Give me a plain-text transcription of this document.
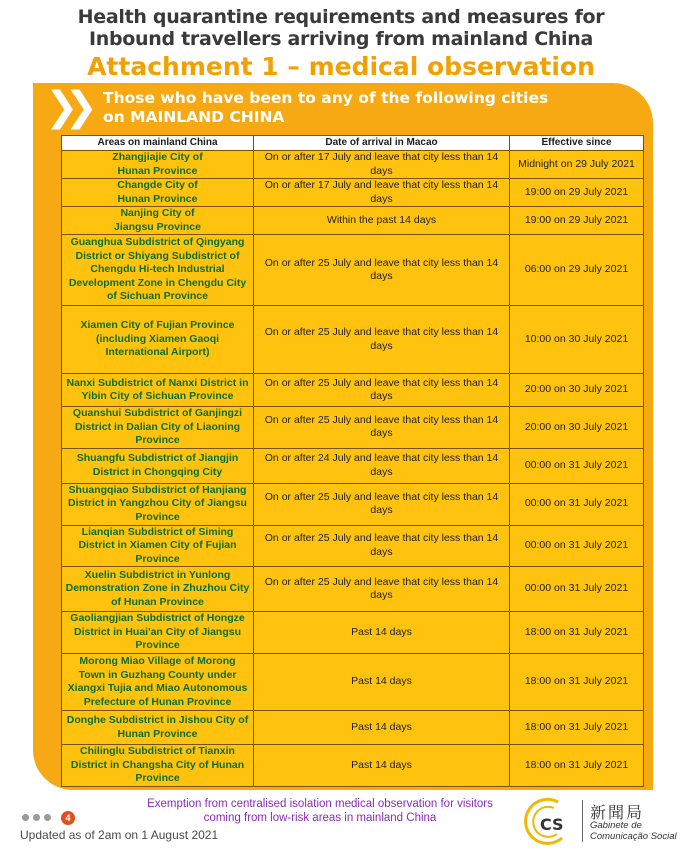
Health quarantine requirements and measures for
Inbound travellers arriving from mainland China
Attachment 1 – medical observation
❯❯ Those who have been to any of the following cities
on MAINLAND CHINA
Areas on mainland China	Date of arrival in Macao	Effective since
Zhangjiajie City of
Hunan Province	On or after 17 July and leave that city less than 14 days	Midnight on 29 July 2021
Changde City of
Hunan Province	On or after 17 July and leave that city less than 14 days	19:00 on 29 July 2021
Nanjing City of
Jiangsu Province	Within the past 14 days	19:00 on 29 July 2021
Guanghua Subdistrict of Qingyang District or Shiyang Subdistrict of Chengdu Hi-tech Industrial Development Zone in Chengdu City of Sichuan Province	On or after 25 July and leave that city less than 14 days	06:00 on 29 July 2021
Xiamen City of Fujian Province (including Xiamen Gaoqi International Airport)	On or after 25 July and leave that city less than 14 days	10:00 on 30 July 2021
Nanxi Subdistrict of Nanxi District in Yibin City of Sichuan Province	On or after 25 July and leave that city less than 14 days	20:00 on 30 July 2021
Quanshui Subdistrict of Ganjingzi District in Dalian City of Liaoning Province	On or after 25 July and leave that city less than 14 days	20:00 on 30 July 2021
Shuangfu Subdistrict of Jiangjin District in Chongqing City	On or after 24 July and leave that city less than 14 days	00:00 on 31 July 2021
Shuangqiao Subdistrict of Hanjiang District in Yangzhou City of Jiangsu Province	On or after 25 July and leave that city less than 14 days	00:00 on 31 July 2021
Lianqian Subdistrict of Siming District in Xiamen City of Fujian Province	On or after 25 July and leave that city less than 14 days	00:00 on 31 July 2021
Xuelin Subdistrict in Yunlong Demonstration Zone in Zhuzhou City of Hunan Province	On or after 25 July and leave that city less than 14 days	00:00 on 31 July 2021
Gaoliangjian Subdistrict of Hongze District in Huai'an City of Jiangsu Province	Past 14 days	18:00 on 31 July 2021
Morong Miao Village of Morong Town in Guzhang County under Xiangxi Tujia and Miao Autonomous Prefecture of Hunan Province	Past 14 days	18:00 on 31 July 2021
Donghe Subdistrict in Jishou City of Hunan Province	Past 14 days	18:00 on 31 July 2021
Chilinglu Subdistrict of Tianxin District in Changsha City of Hunan Province	Past 14 days	18:00 on 31 July 2021
Exemption from centralised isolation medical observation for visitors
coming from low-risk areas in mainland China
4
Updated as of 2am on 1 August 2021
CS
新聞局
Gabinete de
Comunicação Social
